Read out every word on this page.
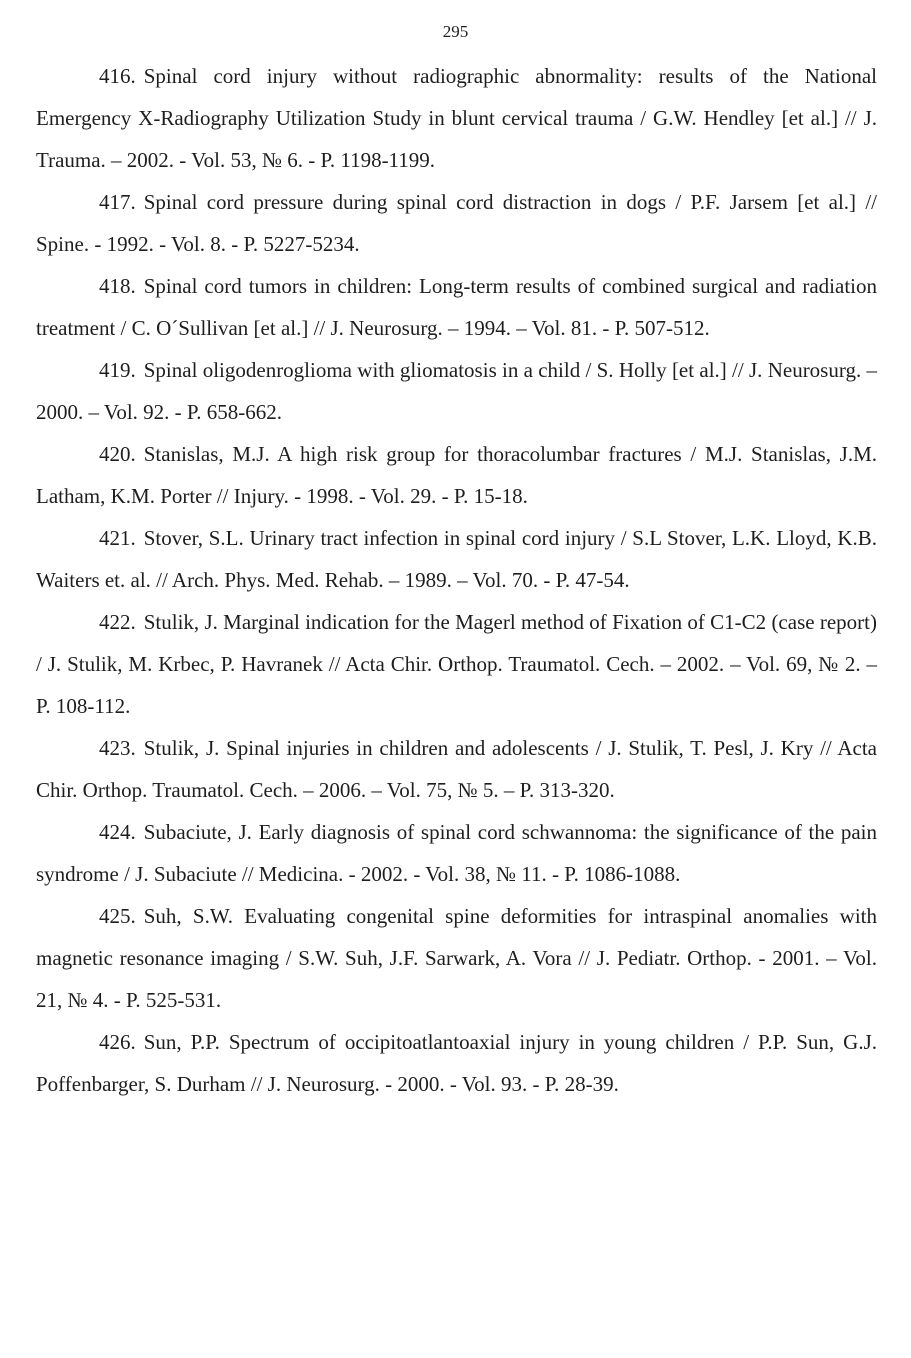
295

416. Spinal cord injury without radiographic abnormality: results of the National Emergency X-Radiography Utilization Study in blunt cervical trauma / G.W. Hendley [et al.] // J. Trauma. – 2002. - Vol. 53, № 6. - P. 1198-1199.

417. Spinal cord pressure during spinal cord distraction in dogs / P.F. Jarsem [et al.] // Spine. - 1992. - Vol. 8. - P. 5227-5234.

418. Spinal cord tumors in children: Long-term results of combined surgical and radiation treatment / C. O´Sullivan [et al.] // J. Neurosurg. – 1994. – Vol. 81. - P. 507-512.

419. Spinal oligodenroglioma with gliomatosis in a child / S. Holly [et al.] // J. Neurosurg. – 2000. – Vol. 92. - P. 658-662.

420. Stanislas, M.J. A high risk group for thoracolumbar fractures / M.J. Stanislas, J.M. Latham, K.M. Porter // Injury. - 1998. - Vol. 29. - P. 15-18.

421. Stover, S.L. Urinary tract infection in spinal cord injury / S.L Stover, L.K. Lloyd, K.B. Waiters et. al. // Arch. Phys. Med. Rehab. – 1989. – Vol. 70. - P. 47-54.

422. Stulik, J. Marginal indication for the Magerl method of Fixation of C1-C2 (case report) / J. Stulik, M. Krbec, P. Havranek // Acta Chir. Orthop. Traumatol. Cech. – 2002. – Vol. 69, № 2. – P. 108-112.

423. Stulik, J. Spinal injuries in children and adolescents / J. Stulik, T. Pesl, J. Kry // Acta Chir. Orthop. Traumatol. Cech. – 2006. – Vol. 75, № 5. – P. 313-320.

424. Subaciute, J. Early diagnosis of spinal cord schwannoma: the significance of the pain syndrome / J. Subaciute // Medicina. - 2002. - Vol. 38, № 11. - P. 1086-1088.

425. Suh, S.W. Evaluating congenital spine deformities for intraspinal anomalies with magnetic resonance imaging / S.W. Suh, J.F. Sarwark, A. Vora // J. Pediatr. Orthop. - 2001. – Vol. 21, № 4. - P. 525-531.

426. Sun, P.P. Spectrum of occipitoatlantoaxial injury in young children / P.P. Sun, G.J. Poffenbarger, S. Durham // J. Neurosurg. - 2000. - Vol. 93. - P. 28-39.
